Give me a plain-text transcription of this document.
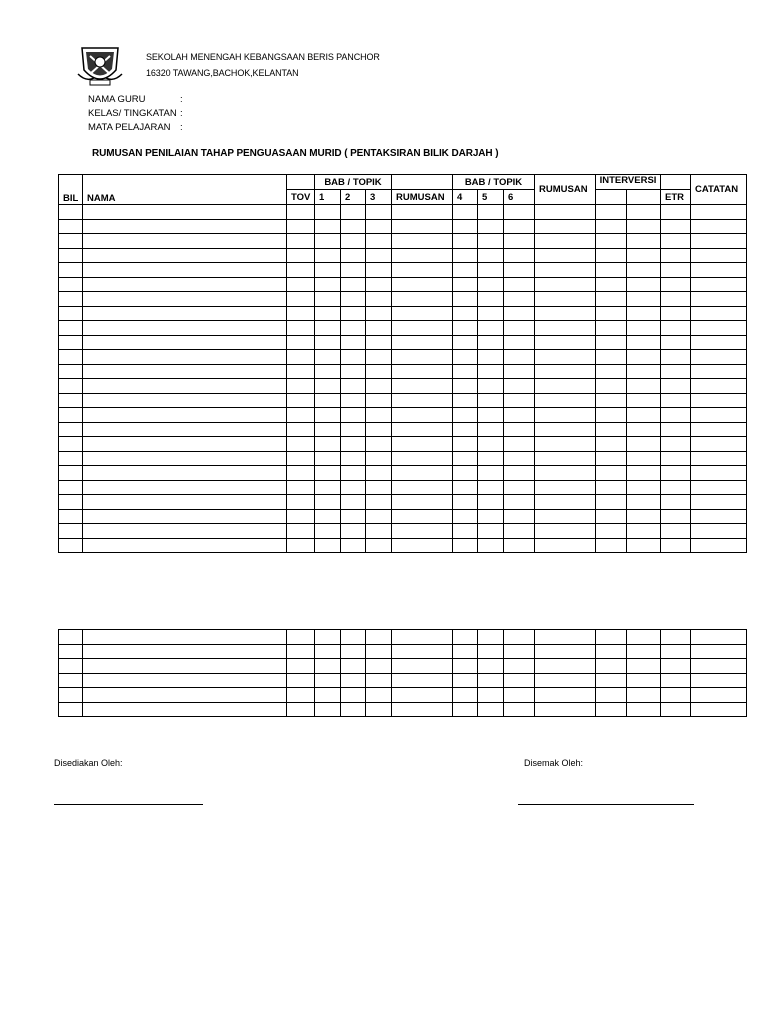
SEKOLAH MENENGAH KEBANGSAAN BERIS PANCHOR
16320 TAWANG,BACHOK,KELANTAN
NAMA GURU	:
KELAS/ TINGKATAN :
MATA PELAJARAN :
RUMUSAN PENILAIAN TAHAP PENGUASAAN MURID ( PENTAKSIRAN BILIK DARJAH )
BIL	NAMA		BAB / TOPIK				BAB / TOPIK			RUMUSAN	INTERVERSI			CATATAN
		TOV	1	2	3	RUMUSAN	4	5	6				ETR	

Disediakan Oleh:	Disemak Oleh:
